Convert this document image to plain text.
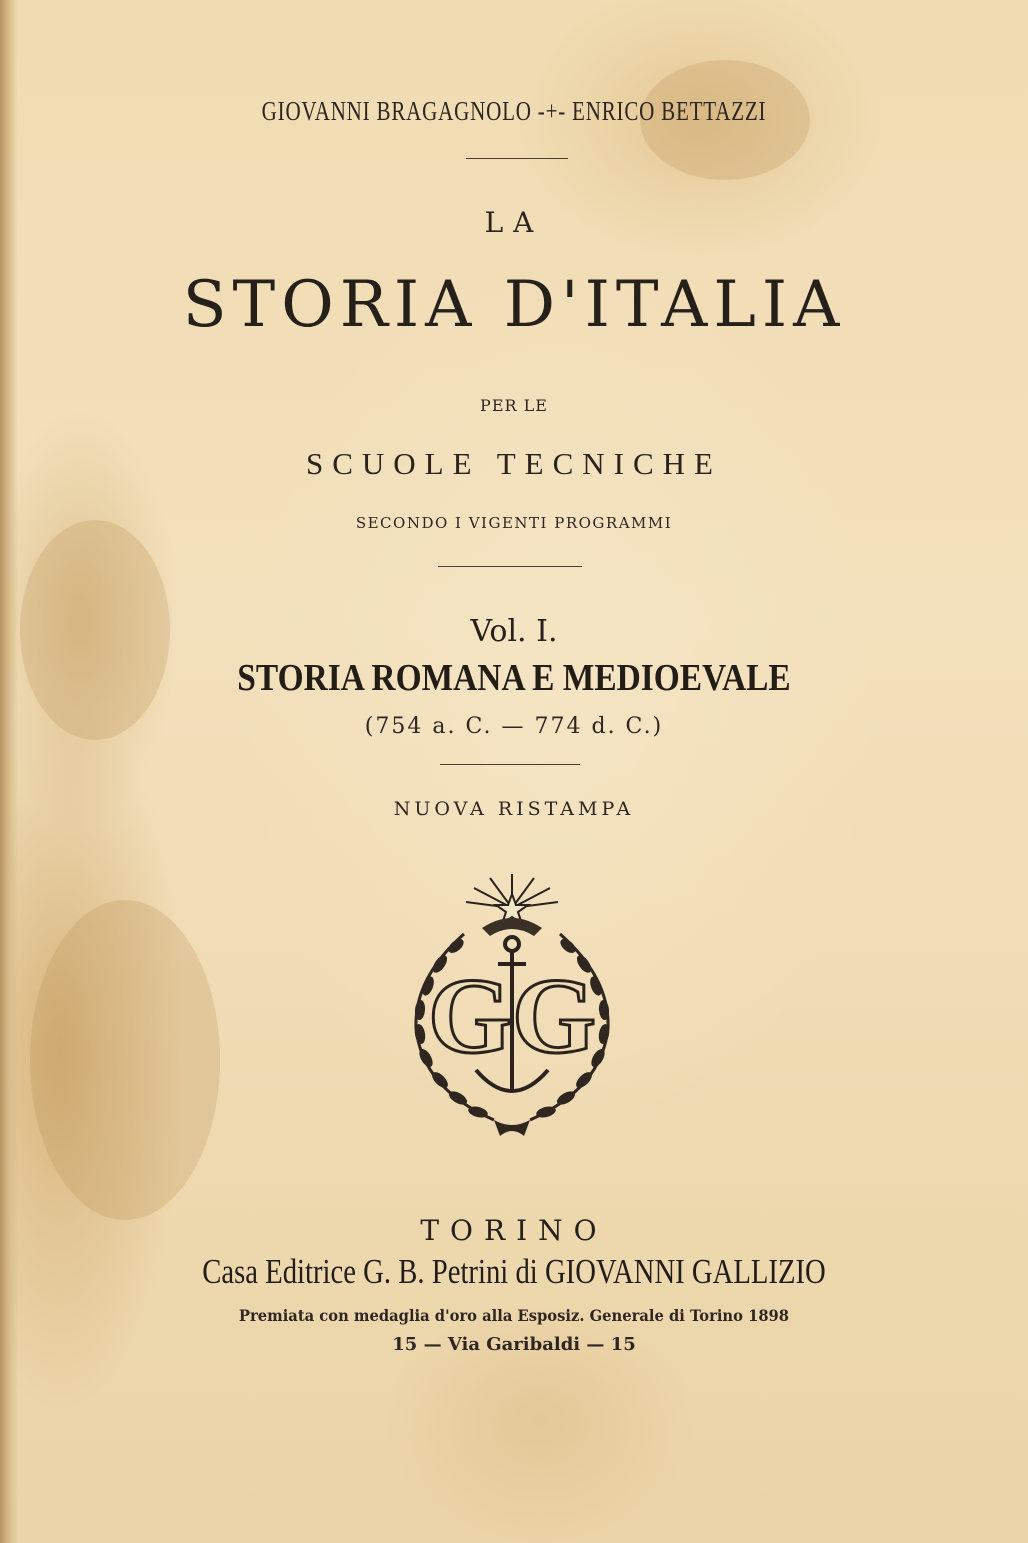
GIOVANNI BRAGAGNOLO -+- ENRICO BETTAZZI
LA
STORIA D'ITALIA
PER LE
SCUOLE TECNICHE
SECONDO I VIGENTI PROGRAMMI
Vol. I.
STORIA ROMANA E MEDIOEVALE
(754 a. C. — 774 d. C.)
NUOVA RISTAMPA
GG
TORINO
Casa Editrice G. B. Petrini di GIOVANNI GALLIZIO
Premiata con medaglia d'oro alla Esposiz. Generale di Torino 1898
15 — Via Garibaldi — 15
